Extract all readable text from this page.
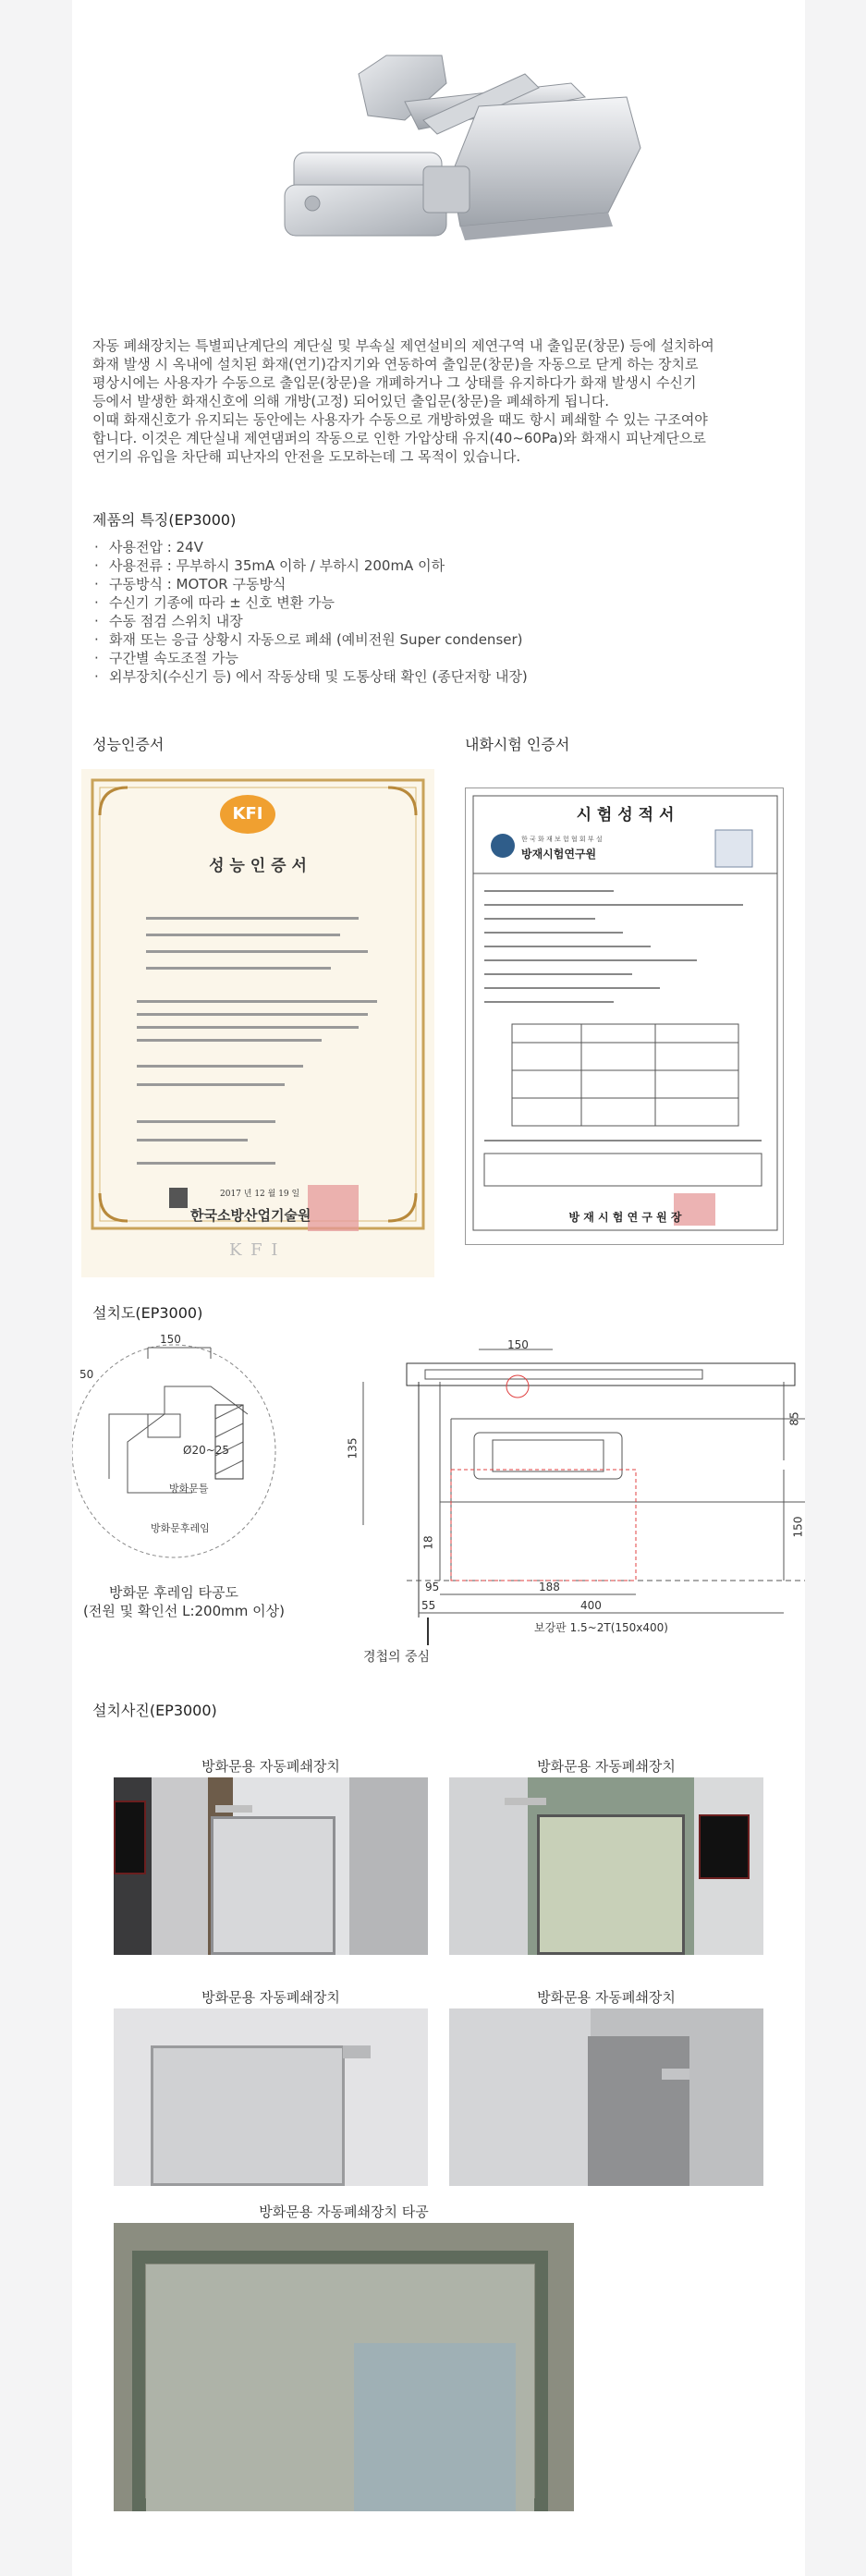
자동 폐쇄장치는 특별피난계단의 계단실 및 부속실 제연설비의 제연구역 내 출입문(창문) 등에 설치하여

화재 발생 시 옥내에 설치된 화재(연기)감지기와 연동하여 출입문(창문)을 자동으로 닫게 하는 장치로

평상시에는 사용자가 수동으로 출입문(창문)을 개폐하거나 그 상태를 유지하다가 화재 발생시 수신기

등에서 발생한 화재신호에 의해 개방(고정) 되어있던 출입문(창문)을 폐쇄하게 됩니다.

이때 화재신호가 유지되는 동안에는 사용자가 수동으로 개방하였을 때도 항시 폐쇄할 수 있는 구조여야

합니다. 이것은 계단실내 제연댐퍼의 작동으로 인한 가압상태 유지(40~60Pa)와 화재시 피난계단으로

연기의 유입을 차단해 피난자의 안전을 도모하는데 그 목적이 있습니다.

제품의 특징(EP3000)
· 사용전압 : 24V
· 사용전류 : 무부하시 35mA 이하 / 부하시 200mA 이하
· 구동방식 : MOTOR 구동방식
· 수신기 기종에 따라 ± 신호 변환 가능
· 수동 점검 스위치 내장
· 화재 또는 응급 상황시 자동으로 폐쇄 (예비전원 Super condenser)
· 구간별 속도조절 가능
· 외부장치(수신기 등) 에서 작동상태 및 도통상태 확인 (종단저항 내장)
성능인증서	내화시험 인증서
KFI
성 능 인 증 서
2017 년 12 월 19 일
한국소방산업기술원
K F I
시 험 성 적 서
한 국 화 재 보 험 협 회 부 설
방재시험연구원
방 재 시 험 연 구 원 장
설치도(EP3000)
150
50
Ø20~25
방화문틀
방화문후레임
방화문 후레임 타공도
(전원 및 확인선 L:200mm 이상)
150
135
85
150
18
95	188
55	400
보강판 1.5~2T(150x400)
경첩의 중심
설치사진(EP3000)
방화문용 자동폐쇄장치	방화문용 자동폐쇄장치
방화문용 자동폐쇄장치	방화문용 자동폐쇄장치
방화문용 자동폐쇄장치 타공
